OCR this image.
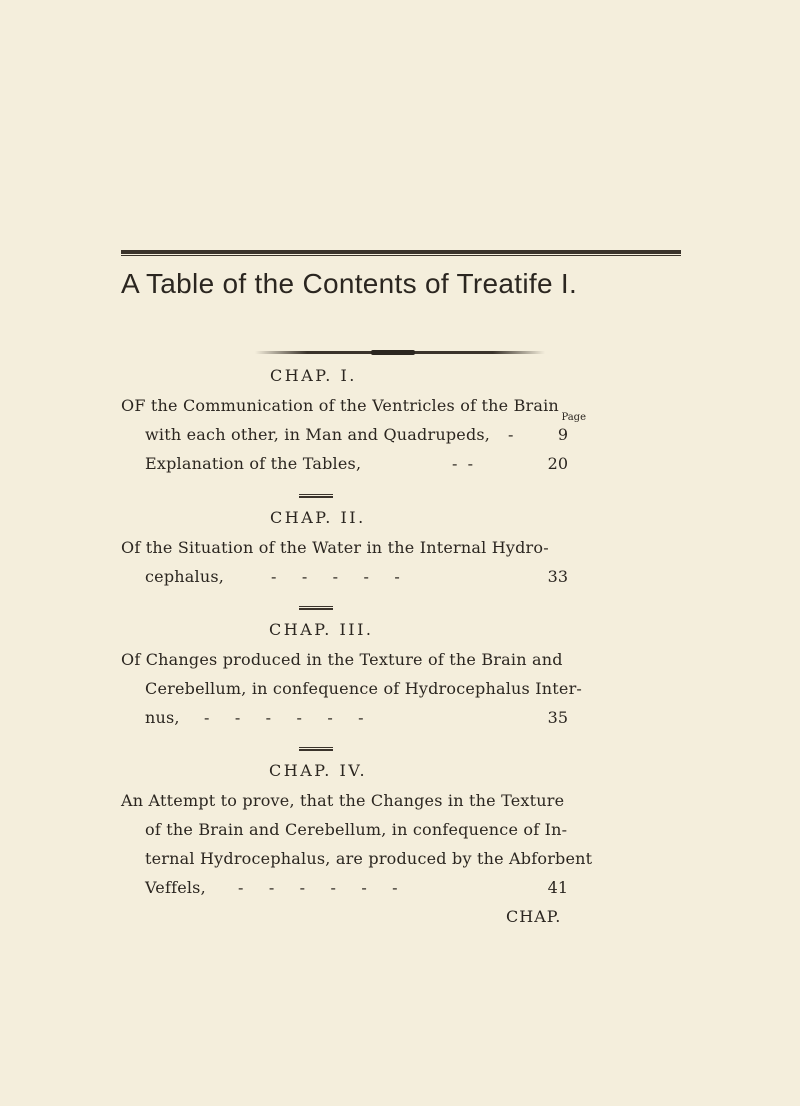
A Table of the Contents of Treatife I.
CHAP. I.
OF the Communication of the Ventricles of the Brain
Page
with each other, in Man and Quadrupeds, -	9
Explanation of the Tables,	-  -	20
CHAP. II.
Of the Situation of the Water in the Internal Hydro-
cephalus,	-     -     -     -     -	33
CHAP. III.
Of Changes produced in the Texture of the Brain and
Cerebellum, in confequence of Hydrocephalus Inter-
nus, -     -     -     -     -     -	35
CHAP. IV.
An Attempt to prove, that the Changes in the Texture
of the Brain and Cerebellum, in confequence of In-
ternal Hydrocephalus, are produced by the Abforbent
Veffels, -     -     -     -     -     -	41
CHAP.
